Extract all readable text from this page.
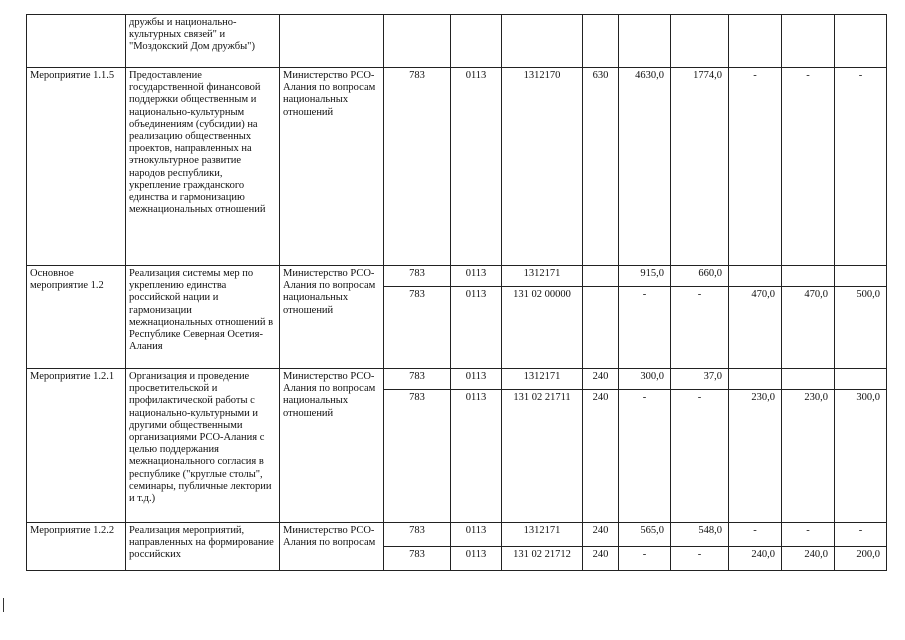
	дружбы и национально-культурных связей" и "Моздокский Дом дружбы")										
Мероприятие 1.1.5	Предоставление государственной финансовой поддержки общественным и национально-культурным объединениям (субсидии) на реализацию общественных проектов, направленных на этнокультурное развитие народов республики, укрепление гражданского единства и гармонизацию межнациональных отношений	Министерство РСО-Алания по вопросам национальных отношений	783	0113	1312170	630	4630,0	1774,0	-	-	-
Основное мероприятие 1.2	Реализация системы мер по укреплению единства российской нации и гармонизации межнациональных отношений в Республике Северная Осетия-Алания	Министерство РСО-Алания по вопросам национальных отношений	783	0113	1312171		915,0	660,0			
			783	0113	131 02 00000		-	-	470,0	470,0	500,0
Мероприятие 1.2.1	Организация и проведение просветительской и профилактической работы с национально-культурными и другими общественными организациями РСО-Алания с целью поддержания межнационального согласия в республике ("круглые столы", семинары, публичные лектории и т.д.)	Министерство РСО-Алания по вопросам национальных отношений	783	0113	1312171	240	300,0	37,0			
			783	0113	131 02 21711	240	-	-	230,0	230,0	300,0
Мероприятие 1.2.2	Реализация мероприятий, направленных на формирование российских	Министерство РСО-Алания по вопросам	783	0113	1312171	240	565,0	548,0	-	-	-
			783	0113	131 02 21712	240	-	-	240,0	240,0	200,0
